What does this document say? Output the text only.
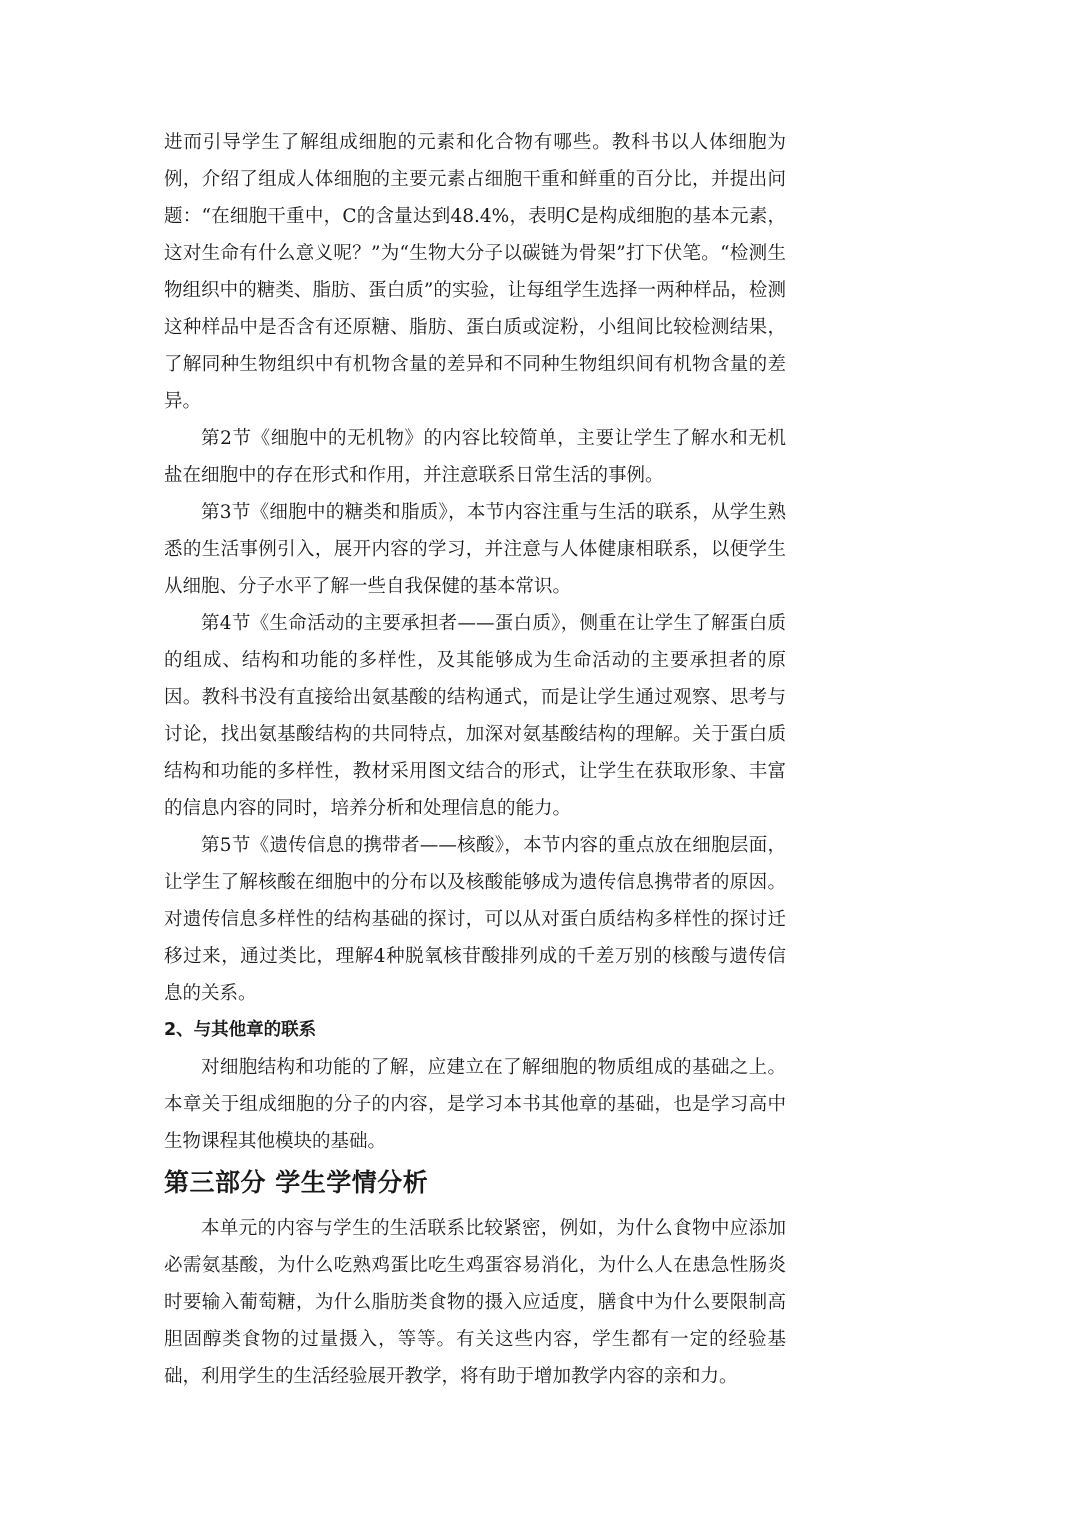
进而引导学生了解组成细胞的元素和化合物有哪些。教科书以人体细胞为例，介绍了组成人体细胞的主要元素占细胞干重和鲜重的百分比，并提出问题：“在细胞干重中，C的含量达到48.4%，表明C是构成细胞的基本元素，这对生命有什么意义呢？”为“生物大分子以碳链为骨架”打下伏笔。“检测生物组织中的糖类、脂肪、蛋白质”的实验，让每组学生选择一两种样品，检测这种样品中是否含有还原糖、脂肪、蛋白质或淀粉，小组间比较检测结果，了解同种生物组织中有机物含量的差异和不同种生物组织间有机物含量的差异。

第2节《细胞中的无机物》的内容比较简单，主要让学生了解水和无机盐在细胞中的存在形式和作用，并注意联系日常生活的事例。

第3节《细胞中的糖类和脂质》，本节内容注重与生活的联系，从学生熟悉的生活事例引入，展开内容的学习，并注意与人体健康相联系，以便学生从细胞、分子水平了解一些自我保健的基本常识。

第4节《生命活动的主要承担者——蛋白质》，侧重在让学生了解蛋白质的组成、结构和功能的多样性，及其能够成为生命活动的主要承担者的原因。教科书没有直接给出氨基酸的结构通式，而是让学生通过观察、思考与讨论，找出氨基酸结构的共同特点，加深对氨基酸结构的理解。关于蛋白质结构和功能的多样性，教材采用图文结合的形式，让学生在获取形象、丰富的信息内容的同时，培养分析和处理信息的能力。

第5节《遗传信息的携带者——核酸》，本节内容的重点放在细胞层面，让学生了解核酸在细胞中的分布以及核酸能够成为遗传信息携带者的原因。对遗传信息多样性的结构基础的探讨，可以从对蛋白质结构多样性的探讨迁移过来，通过类比，理解4种脱氧核苷酸排列成的千差万别的核酸与遗传信息的关系。

2、与其他章的联系

对细胞结构和功能的了解，应建立在了解细胞的物质组成的基础之上。本章关于组成细胞的分子的内容，是学习本书其他章的基础，也是学习高中生物课程其他模块的基础。

第三部分 学生学情分析

本单元的内容与学生的生活联系比较紧密，例如，为什么食物中应添加必需氨基酸，为什么吃熟鸡蛋比吃生鸡蛋容易消化，为什么人在患急性肠炎时要输入葡萄糖，为什么脂肪类食物的摄入应适度，膳食中为什么要限制高胆固醇类食物的过量摄入，等等。有关这些内容，学生都有一定的经验基础，利用学生的生活经验展开教学，将有助于增加教学内容的亲和力。
